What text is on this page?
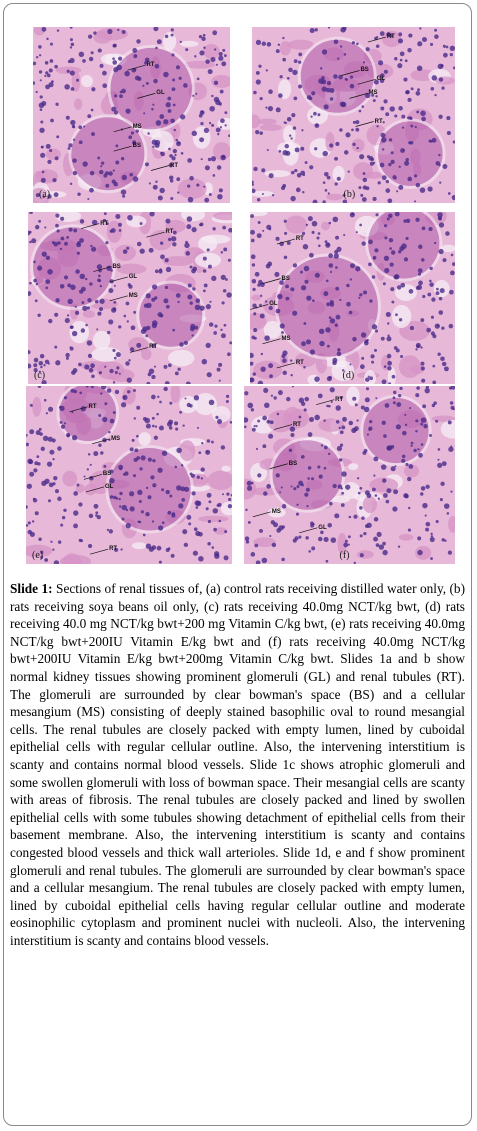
RT
GL
MS
BS
RT
(a)
RT
BS
GL
MS
RT
(b)
RT
RT
BS
GL
MS
RT
(c)
RT
BS
GL
MS
RT
(d)
RT
MS
BS
GL
RT
(e)
RT
RT
BS
MS
GL
(f)
Slide 1: Sections of renal tissues of, (a) control rats receiving distilled water only, (b) rats receiving soya beans oil only, (c) rats receiving 40.0mg NCT/kg bwt, (d) rats receiving 40.0 mg NCT/kg bwt+200 mg Vitamin C/kg bwt, (e) rats receiving 40.0mg NCT/kg bwt+200IU Vitamin E/kg bwt and (f) rats receiving 40.0mg NCT/kg bwt+200IU Vitamin E/kg bwt+200mg Vitamin C/kg bwt. Slides 1a and b show normal kidney tissues showing prominent glomeruli (GL) and renal tubules (RT). The glomeruli are surrounded by clear bowman's space (BS) and a cellular mesangium (MS) consisting of deeply stained basophilic oval to round mesangial cells. The renal tubules are closely packed with empty lumen, lined by cuboidal epithelial cells with regular cellular outline. Also, the intervening interstitium is scanty and contains normal blood vessels. Slide 1c shows atrophic glomeruli and some swollen glomeruli with loss of bowman space. Their mesangial cells are scanty with areas of fibrosis. The renal tubules are closely packed and lined by swollen epithelial cells with some tubules showing detachment of epithelial cells from their basement membrane. Also, the intervening interstitium is scanty and contains congested blood vessels and thick wall arterioles. Slide 1d, e and f show prominent glomeruli and renal tubules. The glomeruli are surrounded by clear bowman's space and a cellular mesangium. The renal tubules are closely packed with empty lumen, lined by cuboidal epithelial cells having regular cellular outline and moderate eosinophilic cytoplasm and prominent nuclei with nucleoli. Also, the intervening interstitium is scanty and contains blood vessels.
